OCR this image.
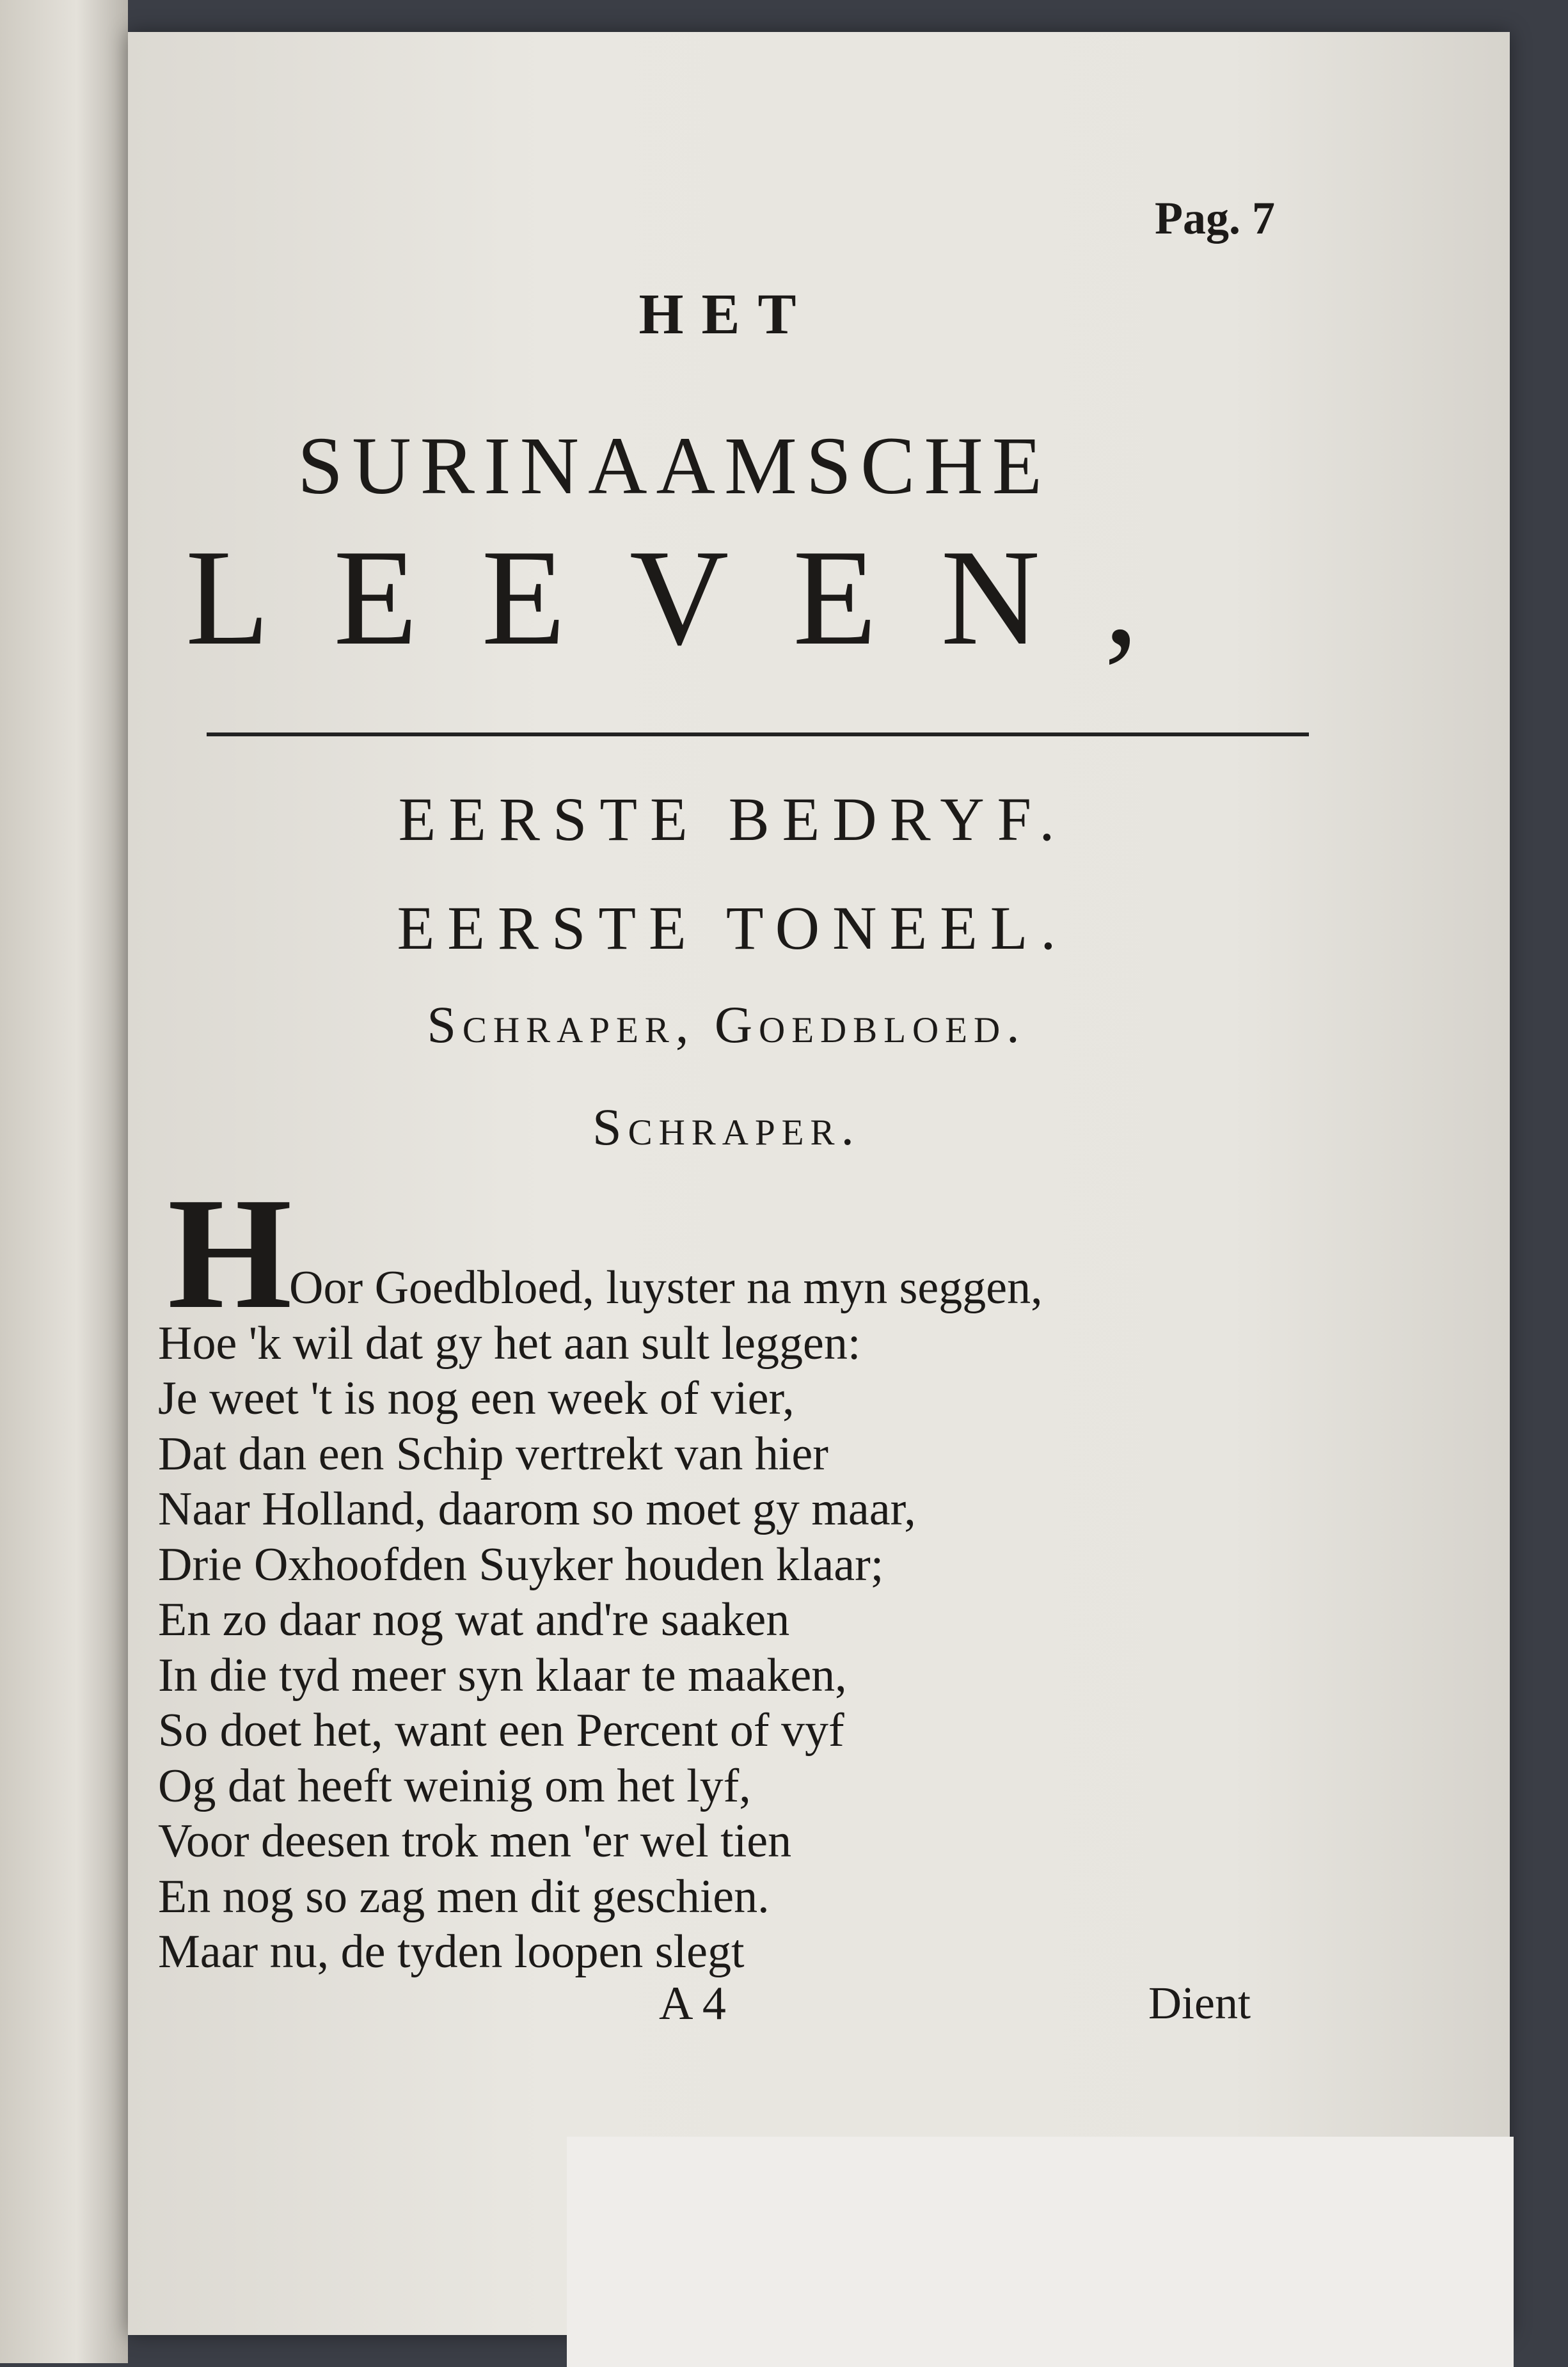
Pag. 7
HET
SURINAAMSCHE
LEEVEN,
EERSTE BEDRYF.
EERSTE TONEEL.
Schraper, Goedbloed.
Schraper.
H
Oor Goedbloed, luyster na myn seggen,
Hoe 'k wil dat gy het aan sult leggen:
Je weet 't is nog een week of vier,
Dat dan een Schip vertrekt van hier
Naar Holland, daarom so moet gy maar,
Drie Oxhoofden Suyker houden klaar;
En zo daar nog wat and're saaken
In die tyd meer syn klaar te maaken,
So doet het, want een Percent of vyf
Og dat heeft weinig om het lyf,
Voor deesen trok men 'er wel tien
En nog so zag men dit geschien.
Maar nu, de tyden loopen slegt
A 4	Dient
